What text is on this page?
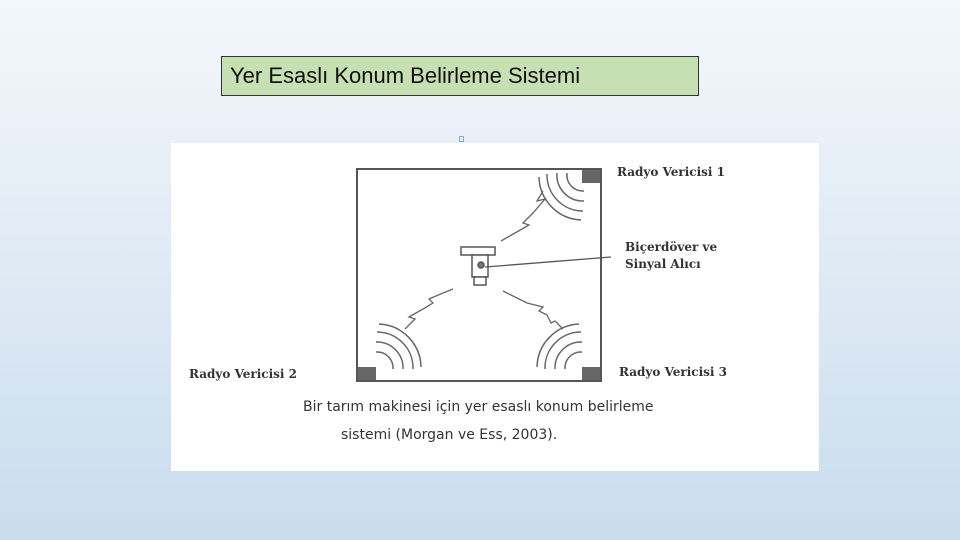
Yer Esaslı Konum Belirleme Sistemi
Radyo Vericisi 1
Biçerdöver ve
Sinyal Alıcı
Radyo Vericisi 2	Radyo Vericisi 3
Bir tarım makinesi için yer esaslı konum belirleme
sistemi (Morgan ve Ess, 2003).
